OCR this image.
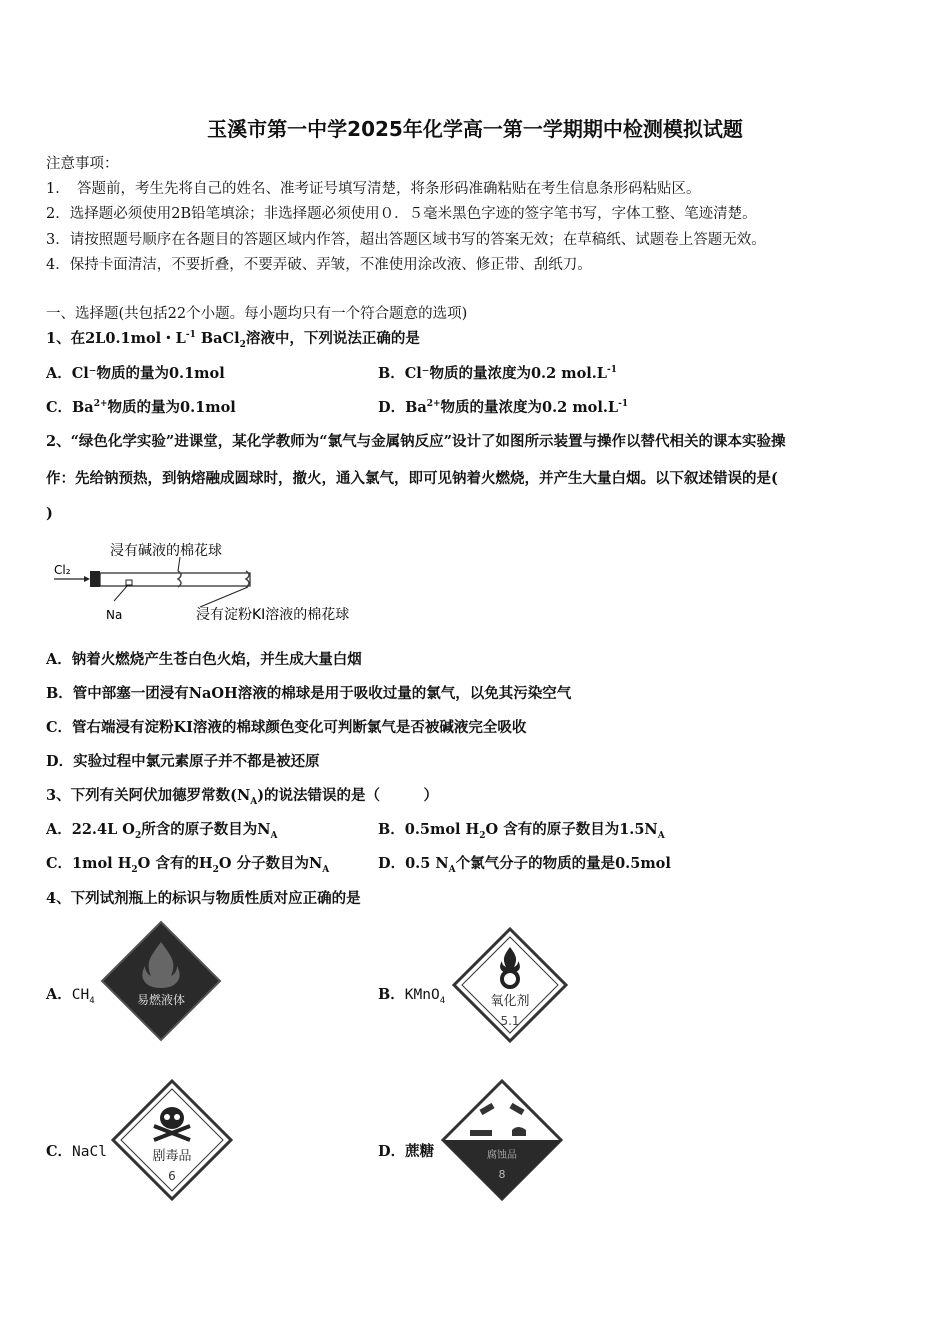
玉溪市第一中学2025年化学高一第一学期期中检测模拟试题
注意事项：
1．　答题前，考生先将自己的姓名、准考证号填写清楚，将条形码准确粘贴在考生信息条形码粘贴区。
2．选择题必须使用2B铅笔填涂；非选择题必须使用０．５毫米黑色字迹的签字笔书写，字体工整、笔迹清楚。
3．请按照题号顺序在各题目的答题区域内作答，超出答题区域书写的答案无效；在草稿纸、试题卷上答题无效。
4．保持卡面清洁，不要折叠，不要弄破、弄皱，不准使用涂改液、修正带、刮纸刀。
一、选择题(共包括22个小题。每小题均只有一个符合题意的选项)
1、在2L0.1mol・$L^{-1}$ BaCl$_2$溶液中，下列说法正确的是
A．Cl⁻物质的量为0.1mol	B．Cl⁻物质的量浓度为0.2 $mol.L^{-1}$
C．$Ba^{2+}$物质的量为0.1mol	D．$Ba^{2+}$物质的量浓度为0.2 $mol.L^{-1}$
2、“绿色化学实验”进课堂，某化学教师为“氯气与金属钠反应”设计了如图所示装置与操作以替代相关的课本实验操
作：先给钠预热，到钠熔融成圆球时，撤火，通入氯气，即可见钠着火燃烧，并产生大量白烟。以下叙述错误的是(
)
Cl₂
浸有碱液的棉花球
Na	浸有淀粉KI溶液的棉花球
A．钠着火燃烧产生苍白色火焰，并生成大量白烟
B．管中部塞一团浸有NaOH溶液的棉球是用于吸收过量的氯气，以免其污染空气
C．管右端浸有淀粉KI溶液的棉球颜色变化可判断氯气是否被碱液完全吸收
D．实验过程中氯元素原子并不都是被还原
3、下列有关阿伏加德罗常数$(N_A)$的说法错误的是（　　　）
A．22.4L $O_2$所含的原子数目为$N_A$	B．0.5mol $H_2O$ 含有的原子数目为$1.5N_A$
C．1mol $H_2O$ 含有的$H_2O$ 分子数目为$N_A$	D．0.5 $N_A$个氯气分子的物质的量是0.5mol
4、下列试剂瓶上的标识与物质性质对应正确的是
A．$CH_4$	易燃液体	B．KMnO$_4$	氧化剂
5.1
C．NaCl	剧毒品
6
D．蔗糖	腐蚀品
8
